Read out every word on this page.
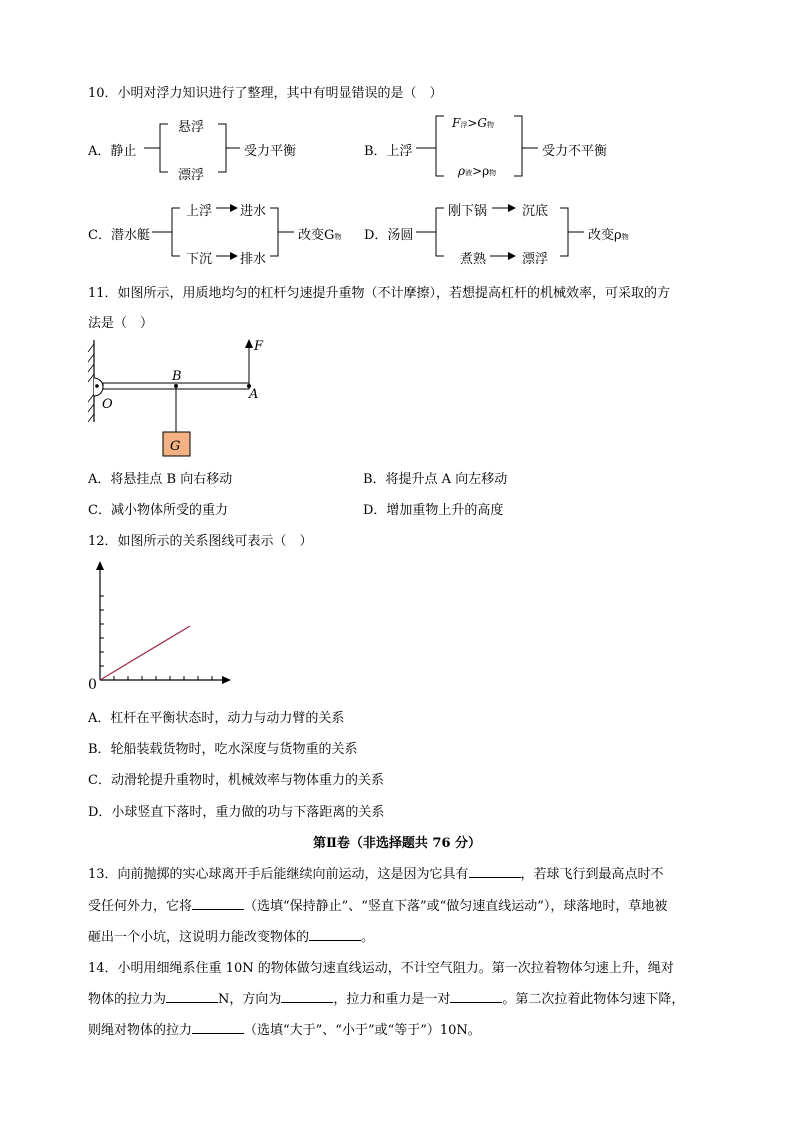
10．小明对浮力知识进行了整理，其中有明显错误的是（　）
A．静止
悬浮
漂浮
受力平衡	B．上浮
F浮>G物
ρ液>ρ物
受力不平衡
C．潜水艇
上浮 进水
下沉 排水
改变G物 D．汤圆
刚下锅	沉底
煮熟	漂浮
改变ρ物
11．如图所示，用质地均匀的杠杆匀速提升重物（不计摩擦），若想提高杠杆的机械效率，可采取的方
法是（　）
F
B
A
O
G
A．将悬挂点 B 向右移动	B．将提升点 A 向左移动
C．减小物体所受的重力	D．增加重物上升的高度
12．如图所示的关系图线可表示（　）
0
A．杠杆在平衡状态时，动力与动力臂的关系
B．轮船装载货物时，吃水深度与货物重的关系
C．动滑轮提升重物时，机械效率与物体重力的关系
D．小球竖直下落时，重力做的功与下落距离的关系
第Ⅱ卷（非选择题共 76 分）
13．向前抛掷的实心球离开手后能继续向前运动，这是因为它具有	，若球飞行到最高点时不
受任何外力，它将	（选填“保持静止”、“竖直下落”或“做匀速直线运动”），球落地时，草地被
砸出一个小坑，这说明力能改变物体的	。
14．小明用细绳系住重 10N 的物体做匀速直线运动，不计空气阻力。第一次拉着物体匀速上升，绳对
物体的拉力为	N，方向为	，拉力和重力是一对	。第二次拉着此物体匀速下降，
则绳对物体的拉力	（选填“大于”、“小于”或“等于”）10N。
